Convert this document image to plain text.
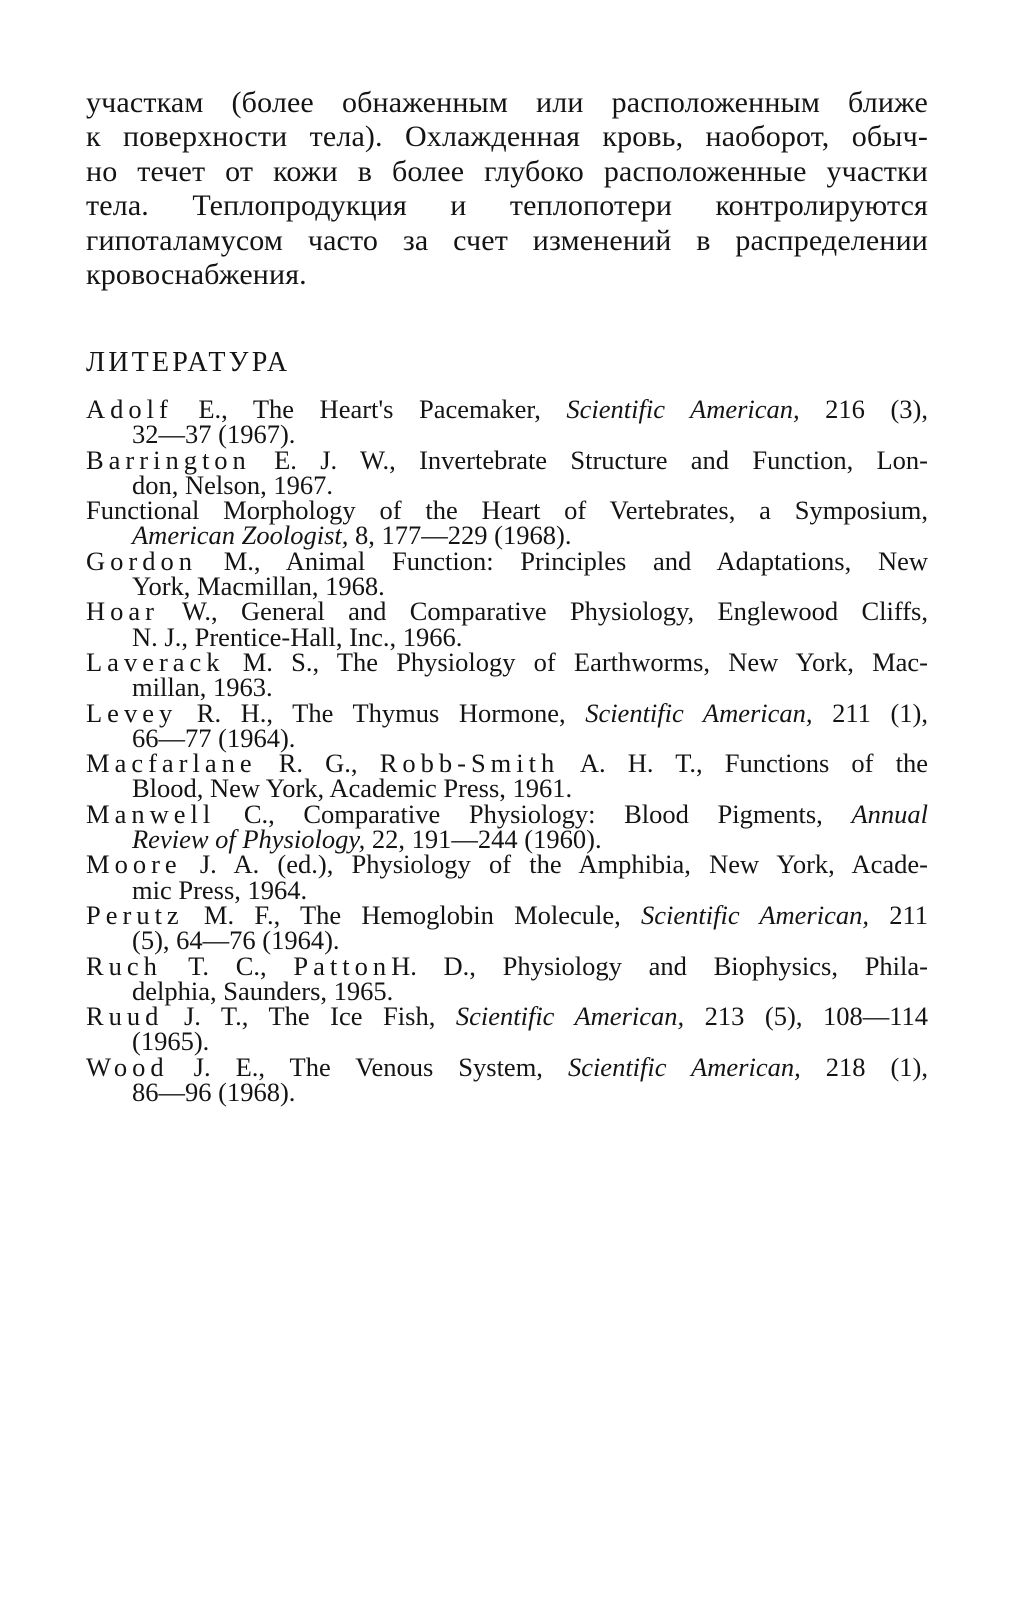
участкам (более обнаженным или расположенным ближе
к поверхности тела). Охлажденная кровь, наоборот, обыч-
но течет от кожи в более глубоко расположенные участки
тела. Теплопродукция и теплопотери контролируются
гипоталамусом часто за счет изменений в распределении
кровоснабжения.
ЛИТЕРАТУРА
Adolf E., The Heart's Pacemaker, Scientific American, 216 (3),
32—37 (1967).
Barrington E. J. W., Invertebrate Structure and Function, Lon-
don, Nelson, 1967.
Functional Morphology of the Heart of Vertebrates, a Symposium,
American Zoologist, 8, 177—229 (1968).
Gordon M., Animal Function: Principles and Adaptations, New
York, Macmillan, 1968.
Hoar W., General and Comparative Physiology, Englewood Cliffs,
N. J., Prentice-Hall, Inc., 1966.
Laverack M. S., The Physiology of Earthworms, New York, Mac-
millan, 1963.
Levey R. H., The Thymus Hormone, Scientific American, 211 (1),
66—77 (1964).
Macfarlane R. G., Robb-Smith A. H. T., Functions of the
Blood, New York, Academic Press, 1961.
Manwell C., Comparative Physiology: Blood Pigments, Annual
Review of Physiology, 22, 191—244 (1960).
Moore J. A. (ed.), Physiology of the Amphibia, New York, Acade-
mic Press, 1964.
Perutz M. F., The Hemoglobin Molecule, Scientific American, 211
(5), 64—76 (1964).
Ruch T. C., PattonH. D., Physiology and Biophysics, Phila-
delphia, Saunders, 1965.
Ruud J. T., The Ice Fish, Scientific American, 213 (5), 108—114
(1965).
Wood J. E., The Venous System, Scientific American, 218 (1),
86—96 (1968).
